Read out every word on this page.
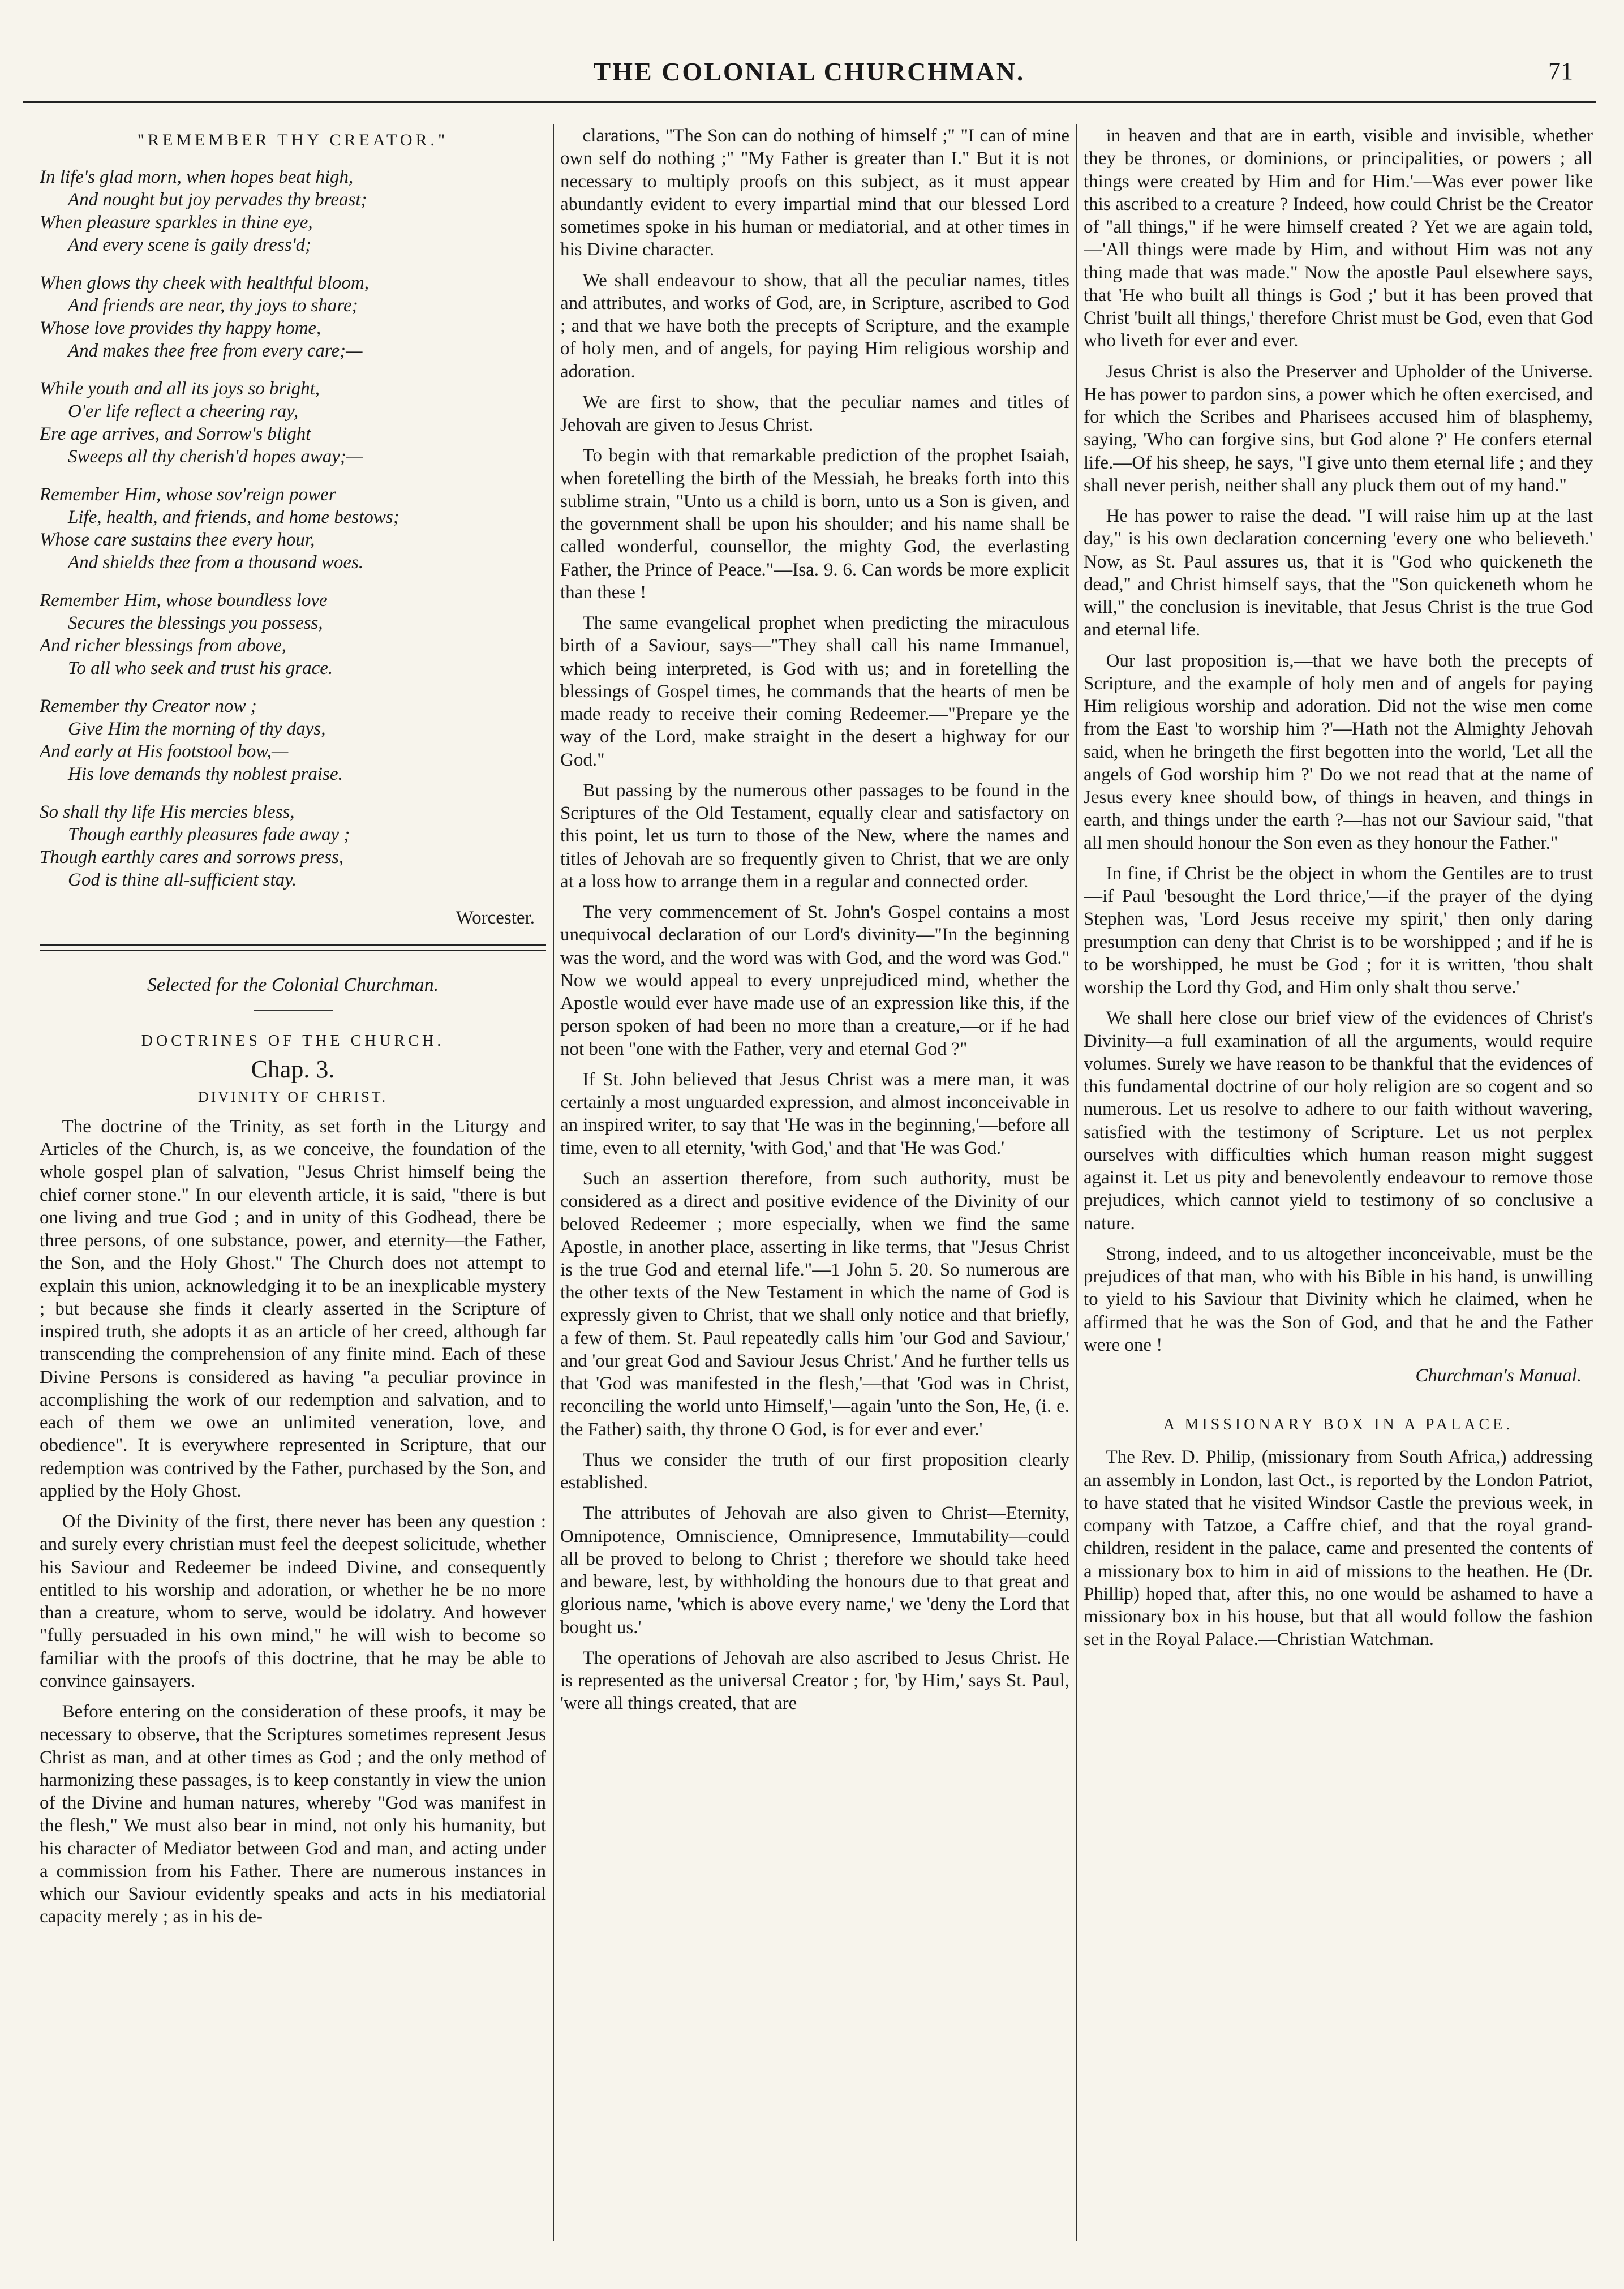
THE COLONIAL CHURCHMAN.	71
"REMEMBER THY CREATOR."
In life's glad morn, when hopes beat high,
And nought but joy pervades thy breast;
When pleasure sparkles in thine eye,
And every scene is gaily dress'd;
When glows thy cheek with healthful bloom,
And friends are near, thy joys to share;
Whose love provides thy happy home,
And makes thee free from every care;—
While youth and all its joys so bright,
O'er life reflect a cheering ray,
Ere age arrives, and Sorrow's blight
Sweeps all thy cherish'd hopes away;—
Remember Him, whose sov'reign power
Life, health, and friends, and home bestows;
Whose care sustains thee every hour,
And shields thee from a thousand woes.
Remember Him, whose boundless love
Secures the blessings you possess,
And richer blessings from above,
To all who seek and trust his grace.
Remember thy Creator now ;
Give Him the morning of thy days,
And early at His footstool bow,—
His love demands thy noblest praise.
So shall thy life His mercies bless,
Though earthly pleasures fade away ;
Though earthly cares and sorrows press,
God is thine all-sufficient stay.
Worcester.
Selected for the Colonial Churchman.
DOCTRINES OF THE CHURCH.
Chap. 3.
DIVINITY OF CHRIST.

The doctrine of the Trinity, as set forth in the Liturgy and Articles of the Church, is, as we conceive, the foundation of the whole gospel plan of salvation, "Jesus Christ himself being the chief corner stone." In our eleventh article, it is said, "there is but one living and true God ; and in unity of this Godhead, there be three persons, of one substance, power, and eternity—the Father, the Son, and the Holy Ghost." The Church does not attempt to explain this union, acknowledging it to be an inexplicable mystery ; but because she finds it clearly asserted in the Scripture of inspired truth, she adopts it as an article of her creed, although far transcending the comprehension of any finite mind. Each of these Divine Persons is considered as having "a peculiar province in accomplishing the work of our redemption and salvation, and to each of them we owe an unlimited veneration, love, and obedience". It is everywhere represented in Scripture, that our redemption was contrived by the Father, purchased by the Son, and applied by the Holy Ghost.

Of the Divinity of the first, there never has been any question : and surely every christian must feel the deepest solicitude, whether his Saviour and Redeemer be indeed Divine, and consequently entitled to his worship and adoration, or whether he be no more than a creature, whom to serve, would be idolatry. And however "fully persuaded in his own mind," he will wish to become so familiar with the proofs of this doctrine, that he may be able to convince gainsayers.

Before entering on the consideration of these proofs, it may be necessary to observe, that the Scriptures sometimes represent Jesus Christ as man, and at other times as God ; and the only method of harmonizing these passages, is to keep constantly in view the union of the Divine and human natures, whereby "God was manifest in the flesh," We must also bear in mind, not only his humanity, but his character of Mediator between God and man, and acting under a commission from his Father. There are numerous instances in which our Saviour evidently speaks and acts in his mediatorial capacity merely ; as in his de-

clarations, "The Son can do nothing of himself ;" "I can of mine own self do nothing ;" "My Father is greater than I." But it is not necessary to multiply proofs on this subject, as it must appear abundantly evident to every impartial mind that our blessed Lord sometimes spoke in his human or mediatorial, and at other times in his Divine character.

We shall endeavour to show, that all the peculiar names, titles and attributes, and works of God, are, in Scripture, ascribed to God ; and that we have both the precepts of Scripture, and the example of holy men, and of angels, for paying Him religious worship and adoration.

We are first to show, that the peculiar names and titles of Jehovah are given to Jesus Christ.

To begin with that remarkable prediction of the prophet Isaiah, when foretelling the birth of the Messiah, he breaks forth into this sublime strain, "Unto us a child is born, unto us a Son is given, and the government shall be upon his shoulder; and his name shall be called wonderful, counsellor, the mighty God, the everlasting Father, the Prince of Peace."—Isa. 9. 6. Can words be more explicit than these !

The same evangelical prophet when predicting the miraculous birth of a Saviour, says—"They shall call his name Immanuel, which being interpreted, is God with us; and in foretelling the blessings of Gospel times, he commands that the hearts of men be made ready to receive their coming Redeemer.—"Prepare ye the way of the Lord, make straight in the desert a highway for our God."

But passing by the numerous other passages to be found in the Scriptures of the Old Testament, equally clear and satisfactory on this point, let us turn to those of the New, where the names and titles of Jehovah are so frequently given to Christ, that we are only at a loss how to arrange them in a regular and connected order.

The very commencement of St. John's Gospel contains a most unequivocal declaration of our Lord's divinity—"In the beginning was the word, and the word was with God, and the word was God." Now we would appeal to every unprejudiced mind, whether the Apostle would ever have made use of an expression like this, if the person spoken of had been no more than a creature,—or if he had not been "one with the Father, very and eternal God ?"

If St. John believed that Jesus Christ was a mere man, it was certainly a most unguarded expression, and almost inconceivable in an inspired writer, to say that 'He was in the beginning,'—before all time, even to all eternity, 'with God,' and that 'He was God.'

Such an assertion therefore, from such authority, must be considered as a direct and positive evidence of the Divinity of our beloved Redeemer ; more especially, when we find the same Apostle, in another place, asserting in like terms, that "Jesus Christ is the true God and eternal life."—1 John 5. 20. So numerous are the other texts of the New Testament in which the name of God is expressly given to Christ, that we shall only notice and that briefly, a few of them. St. Paul repeatedly calls him 'our God and Saviour,' and 'our great God and Saviour Jesus Christ.' And he further tells us that 'God was manifested in the flesh,'—that 'God was in Christ, reconciling the world unto Himself,'—again 'unto the Son, He, (i. e. the Father) saith, thy throne O God, is for ever and ever.'

Thus we consider the truth of our first proposition clearly established.

The attributes of Jehovah are also given to Christ—Eternity, Omnipotence, Omniscience, Omnipresence, Immutability—could all be proved to belong to Christ ; therefore we should take heed and beware, lest, by withholding the honours due to that great and glorious name, 'which is above every name,' we 'deny the Lord that bought us.'

The operations of Jehovah are also ascribed to Jesus Christ. He is represented as the universal Creator ; for, 'by Him,' says St. Paul, 'were all things created, that are

in heaven and that are in earth, visible and invisible, whether they be thrones, or dominions, or principalities, or powers ; all things were created by Him and for Him.'—Was ever power like this ascribed to a creature ? Indeed, how could Christ be the Creator of "all things," if he were himself created ? Yet we are again told,—'All things were made by Him, and without Him was not any thing made that was made." Now the apostle Paul elsewhere says, that 'He who built all things is God ;' but it has been proved that Christ 'built all things,' therefore Christ must be God, even that God who liveth for ever and ever.

Jesus Christ is also the Preserver and Upholder of the Universe. He has power to pardon sins, a power which he often exercised, and for which the Scribes and Pharisees accused him of blasphemy, saying, 'Who can forgive sins, but God alone ?' He confers eternal life.—Of his sheep, he says, "I give unto them eternal life ; and they shall never perish, neither shall any pluck them out of my hand."

He has power to raise the dead. "I will raise him up at the last day," is his own declaration concerning 'every one who believeth.' Now, as St. Paul assures us, that it is "God who quickeneth the dead," and Christ himself says, that the "Son quickeneth whom he will," the conclusion is inevitable, that Jesus Christ is the true God and eternal life.

Our last proposition is,—that we have both the precepts of Scripture, and the example of holy men and of angels for paying Him religious worship and adoration. Did not the wise men come from the East 'to worship him ?'—Hath not the Almighty Jehovah said, when he bringeth the first begotten into the world, 'Let all the angels of God worship him ?' Do we not read that at the name of Jesus every knee should bow, of things in heaven, and things in earth, and things under the earth ?—has not our Saviour said, "that all men should honour the Son even as they honour the Father."

In fine, if Christ be the object in whom the Gentiles are to trust—if Paul 'besought the Lord thrice,'—if the prayer of the dying Stephen was, 'Lord Jesus receive my spirit,' then only daring presumption can deny that Christ is to be worshipped ; and if he is to be worshipped, he must be God ; for it is written, 'thou shalt worship the Lord thy God, and Him only shalt thou serve.'

We shall here close our brief view of the evidences of Christ's Divinity—a full examination of all the arguments, would require volumes. Surely we have reason to be thankful that the evidences of this fundamental doctrine of our holy religion are so cogent and so numerous. Let us resolve to adhere to our faith without wavering, satisfied with the testimony of Scripture. Let us not perplex ourselves with difficulties which human reason might suggest against it. Let us pity and benevolently endeavour to remove those prejudices, which cannot yield to testimony of so conclusive a nature.

Strong, indeed, and to us altogether inconceivable, must be the prejudices of that man, who with his Bible in his hand, is unwilling to yield to his Saviour that Divinity which he claimed, when he affirmed that he was the Son of God, and that he and the Father were one !

Churchman's Manual.
A MISSIONARY BOX IN A PALACE.

The Rev. D. Philip, (missionary from South Africa,) addressing an assembly in London, last Oct., is reported by the London Patriot, to have stated that he visited Windsor Castle the previous week, in company with Tatzoe, a Caffre chief, and that the royal grand-children, resident in the palace, came and presented the contents of a missionary box to him in aid of missions to the heathen. He (Dr. Phillip) hoped that, after this, no one would be ashamed to have a missionary box in his house, but that all would follow the fashion set in the Royal Palace.—Christian Watchman.
